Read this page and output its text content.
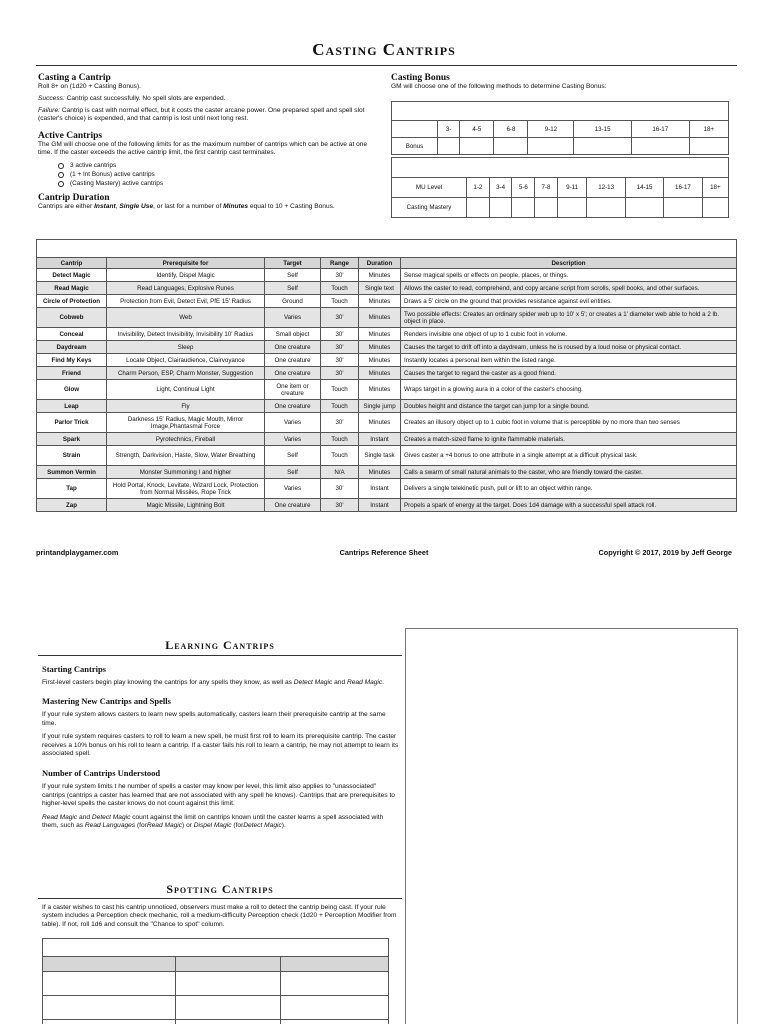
Casting Cantrips
Casting a Cantrip

Roll 8+ on (1d20 + Casting Bonus).

Success: Cantrip cast successfully. No spell slots are expended.

Failure: Cantrip is cast with normal effect, but it costs the caster arcane power. One prepared spell and spell slot (caster's choice) is expended, and that cantrip is lost until next long rest.

Active Cantrips

The GM will choose one of the following limits for as the maximum number of cantrips which can be active at one time. If the caster exceeds the active cantrip limit, the first cantrip cast terminates.

3 active cantrips
(1 + Int Bonus) active cantrips
(Casting Mastery) active cantrips
Cantrip Duration

Cantrips are either Instant, Single Use, or last for a number of Minutes equal to 10 + Casting Bonus.

Casting Bonus

GM will choose one of the following methods to determine Casting Bonus:

	3-	4-5	6-8	9-12	13-15	16-17	18+
Bonus							

MU Level	1-2	3-4	5-6	7-8	9-11	12-13	14-15	16-17	18+
Casting Mastery									

Cantrip	Prerequisite for	Target	Range	Duration	Description
Detect Magic	Identify, Dispel Magic	Self	30'	Minutes	Sense magical spells or effects on people, places, or things.
Read Magic	Read Languages, Explosive Runes	Self	Touch	Single text	Allows the caster to read, comprehend, and copy arcane script from scrolls, spell books, and other surfaces.
Circle of Protection	Protection from Evil, Detect Evil, PfE 15' Radius	Ground	Touch	Minutes	Draws a 5' circle on the ground that provides resistance against evil entities.
Cobweb	Web	Varies	30'	Minutes	Two possible effects: Creates an ordinary spider web up to 10' x 5'; or creates a 1' diameter web able to hold a 2 lb. object in place.
Conceal	Invisibility, Detect Invisibility, Invisibility 10' Radius	Small object	30'	Minutes	Renders invisible one object of up to 1 cubic foot in volume.
Daydream	Sleep	One creature	30'	Minutes	Causes the target to drift off into a daydream, unless he is roused by a loud noise or physical contact.
Find My Keys	Locate Object, Clairaudience, Clairvoyance	One creature	30'	Minutes	Instantly locates a personal item within the listed range.
Friend	Charm Person, ESP, Charm Monster, Suggestion	One creature	30'	Minutes	Causes the target to regard the caster as a good friend.
Glow	Light, Continual Light	One item or creature	Touch	Minutes	Wraps target in a glowing aura in a color of the caster's choosing.
Leap	Fly	One creature	Touch	Single jump	Doubles height and distance the target can jump for a single bound.
Parlor Trick	Darkness 15' Radius, Magic Mouth, Mirror Image,Phantasmal Force	Varies	30'	Minutes	Creates an illusory object up to 1 cubic foot in volume that is perceptible by no more than two senses
Spark	Pyrotechnics, Fireball	Varies	Touch	Instant	Creates a match-sized flame to ignite flammable materials.
Strain	Strength, Darkvision, Haste, Slow, Water Breathing	Self	Touch	Single task	Gives caster a +4 bonus to one attribute in a single attempt at a difficult physical task.
Summon Vermin	Monster Summoning I and higher	Self	N/A	Minutes	Calls a swarm of small natural animals to the caster, who are friendly toward the caster.
Tap	Hold Portal, Knock, Levitate, Wizard Lock, Protection from Normal Missiles, Rope Trick	Varies	30'	Instant	Delivers a single telekinetic push, pull or lift to an object within range.
Zap	Magic Missile, Lightning Bolt	One creature	30'	Instant	Propels a spark of energy at the target. Does 1d4 damage with a successful spell attack roll.
printandplaygamer.com	Cantrips Reference Sheet	Copyright © 2017, 2019 by Jeff George
Learning Cantrips
Starting Cantrips

First-level casters begin play knowing the cantrips for any spells they know, as well as Detect Magic and Read Magic.

Mastering New Cantrips and Spells

If your rule system allows casters to learn new spells automatically, casters learn their prerequisite cantrip at the same time.

If your rule system requires casters to roll to learn a new spell, he must first roll to learn its prerequisite cantrip. The caster receives a 10% bonus on his roll to learn a cantrip. If a caster fails his roll to learn a cantrip, he may not attempt to learn its associated spell.

Number of Cantrips Understood

If your rule system limits t he number of spells a caster may know per level, this limit also applies to "unassociated" cantrips (cantrips a caster has learned that are not associated with any spell he knows). Cantrips that are prerequisites to higher-level spells the caster knows do not count against this limit.

Read Magic and Detect Magic count against the limit on cantrips known until the caster learns a spell associated with them, such as Read Languages (forRead Magic) or Dispel Magic (forDetect Magic).

Spotting Cantrips

If a caster wishes to cast his cantrip unnoticed, observers must make a roll to detect the cantrip being cast. If your rule system includes a Perception check mechanic, roll a medium-difficulty Perception check (1d20 + Perception Modifier from table). If not, roll 1d6 and consult the "Chance to spot" column.
